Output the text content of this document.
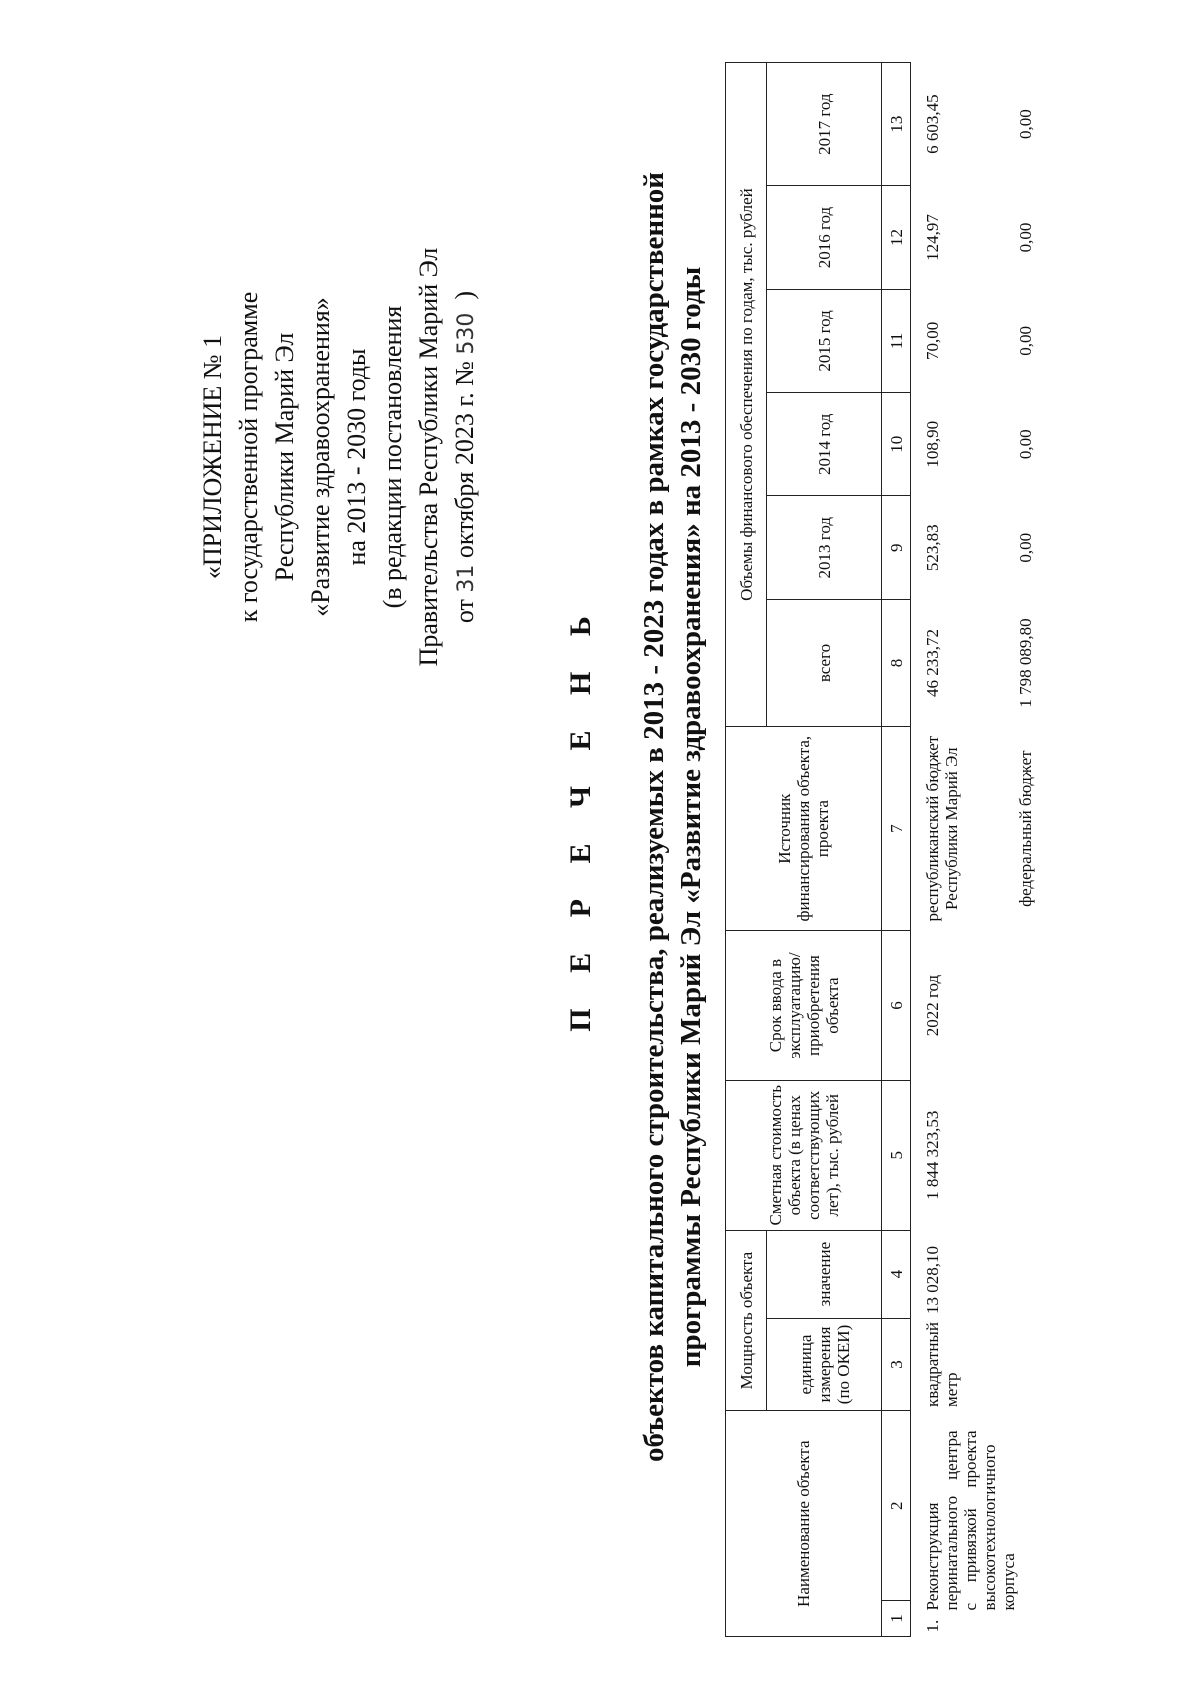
«ПРИЛОЖЕНИЕ № 1 к государственной программе Республики Марий Эл «Развитие здравоохранения» на 2013 - 2030 годы (в редакции постановления Правительства Республики Марий Эл от 31 октября 2023 г. № 530  )
П Е Р Е Ч Е Н Ь объектов капитального строительства, реализуемых в 2013 - 2023 годах в рамках государственной программы Республики Марий Эл «Развитие здравоохранения» на 2013 - 2030 годы
Наименование объекта		Мощность объекта		Сметная стоимость объекта (в ценах соответствующих лет), тыс. рублей	Срок ввода в эксплуатацию/ приобретения объекта	Источник финансирования объекта, проекта	Объемы финансового обеспечения по годам, тыс. рублей					
		единица измерения (по ОКЕИ)	значение				всего	2013 год	2014 год	2015 год	2016 год	2017 год
1	2	3	4	5	6	7	8	9	10	11	12	13
1.Реконструкция перинатального центра с привязкой проекта высокотехнологичного корпуса		квадратный метр	13 028,10	1 844 323,53	2022 год	республиканский бюджет Республики Марий Эл	46 233,72	523,83	108,90	70,00	124,97	6 603,45
						федеральный бюджет	1 798 089,80	0,00	0,00	0,00	0,00	0,00
